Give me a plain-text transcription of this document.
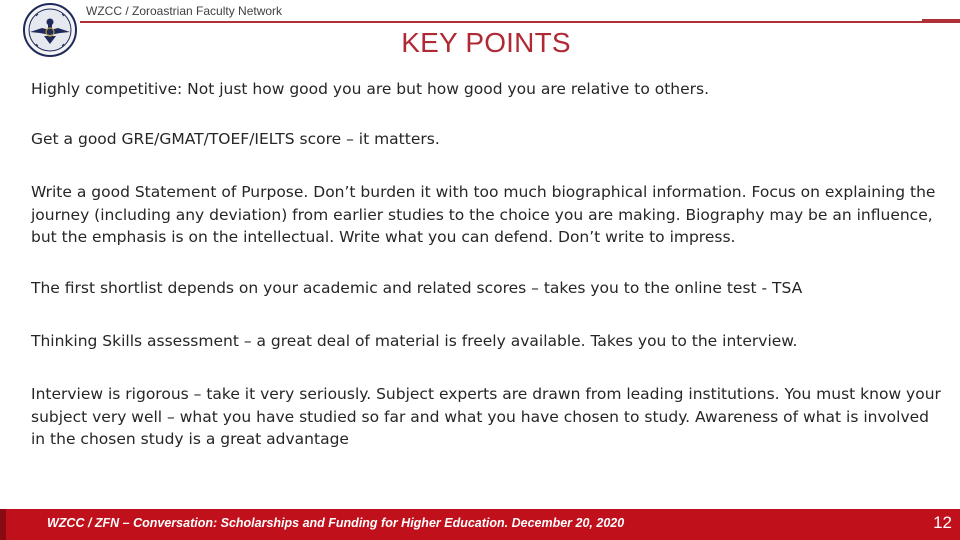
WZCC / Zoroastrian Faculty Network
KEY POINTS

Highly competitive: Not just how good you are but how good you are relative to others.

Get a good GRE/GMAT/TOEF/IELTS score – it matters.

Write a good Statement of Purpose. Don’t burden it with too much biographical information. Focus on explaining the journey (including any deviation) from earlier studies to the choice you are making. Biography may be an influence, but the emphasis is on the intellectual. Write what you can defend. Don’t write to impress.

The first shortlist depends on your academic and related scores – takes you to the online test - TSA

Thinking Skills assessment – a great deal of material is freely available. Takes you to the interview.

Interview is rigorous – take it very seriously. Subject experts are drawn from leading institutions. You must know your subject very well – what you have studied so far and what you have chosen to study. Awareness of what is involved in the chosen study is a great advantage

WZCC / ZFN – Conversation: Scholarships and Funding for Higher Education. December 20, 2020	12
